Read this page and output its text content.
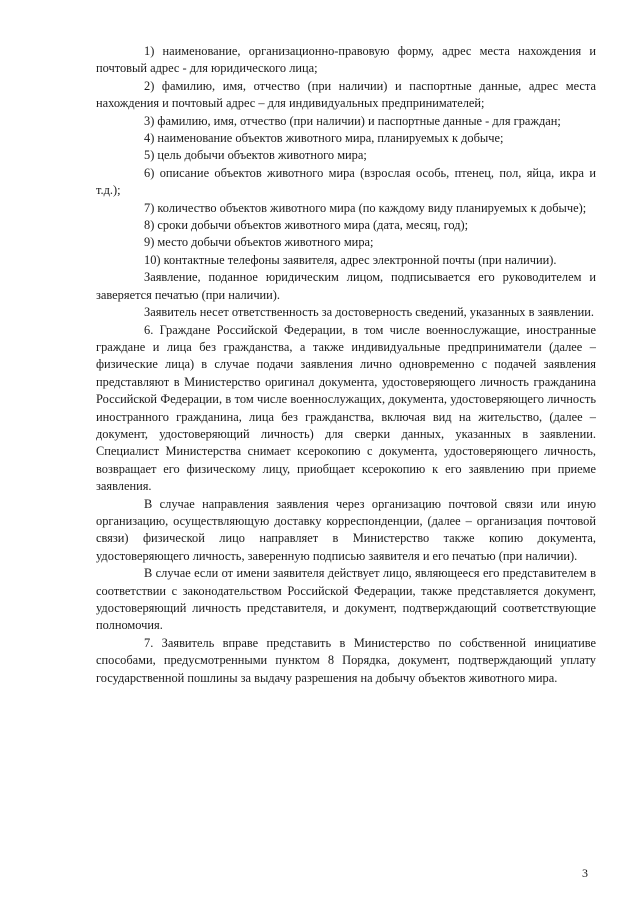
1) наименование, организационно-правовую форму, адрес места нахождения и почтовый адрес - для юридического лица;

2) фамилию, имя, отчество (при наличии) и паспортные данные, адрес места нахождения и почтовый адрес – для индивидуальных предпринимателей;

3) фамилию, имя, отчество (при наличии) и паспортные данные - для граждан;

4) наименование объектов животного мира, планируемых к добыче;

5) цель добычи объектов животного мира;

6) описание объектов животного мира (взрослая особь, птенец, пол, яйца, икра и т.д.);

7) количество объектов животного мира (по каждому виду планируемых к добыче);

8) сроки добычи объектов животного мира (дата, месяц, год);

9) место добычи объектов животного мира;

10) контактные телефоны заявителя, адрес электронной почты (при наличии).

Заявление, поданное юридическим лицом, подписывается его руководителем и заверяется печатью (при наличии).

Заявитель несет ответственность за достоверность сведений, указанных в заявлении.

6. Граждане Российской Федерации, в том числе военнослужащие, иностранные граждане и лица без гражданства, а также индивидуальные предприниматели (далее – физические лица) в случае подачи заявления лично одновременно с подачей заявления представляют в Министерство оригинал документа, удостоверяющего личность гражданина Российской Федерации, в том числе военнослужащих, документа, удостоверяющего личность иностранного гражданина, лица без гражданства, включая вид на жительство, (далее – документ, удостоверяющий личность) для сверки данных, указанных в заявлении. Специалист Министерства снимает ксерокопию с документа, удостоверяющего личность, возвращает его физическому лицу, приобщает ксерокопию к его заявлению при приеме заявления.

В случае направления заявления через организацию почтовой связи или иную организацию, осуществляющую доставку корреспонденции, (далее – организация почтовой связи) физической лицо направляет в Министерство также копию документа, удостоверяющего личность, заверенную подписью заявителя и его печатью (при наличии).

В случае если от имени заявителя действует лицо, являющееся его представителем в соответствии с законодательством Российской Федерации, также представляется документ, удостоверяющий личность представителя, и документ, подтверждающий соответствующие полномочия.

7. Заявитель вправе представить в Министерство по собственной инициативе способами, предусмотренными пунктом 8 Порядка, документ, подтверждающий уплату государственной пошлины за выдачу разрешения на добычу объектов животного мира.

3
